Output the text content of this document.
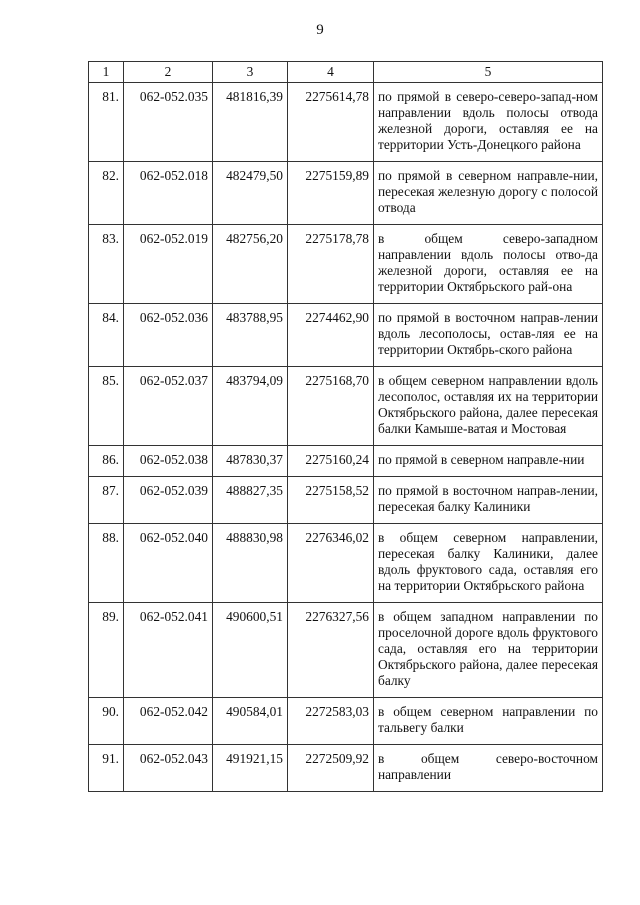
9
1	2	3	4	5
81.	062-052.035	481816,39	2275614,78	по прямой в северо-северо-запад-ном направлении вдоль полосы отвода железной дороги, оставляя ее на территории Усть-Донецкого района
82.	062-052.018	482479,50	2275159,89	по прямой в северном направле-нии, пересекая железную дорогу с полосой отвода
83.	062-052.019	482756,20	2275178,78	в общем северо-западном направлении вдоль полосы отво-да железной дороги, оставляя ее на территории Октябрьского рай-она
84.	062-052.036	483788,95	2274462,90	по прямой в восточном направ-лении вдоль лесополосы, остав-ляя ее на территории Октябрь-ского района
85.	062-052.037	483794,09	2275168,70	в общем северном направлении вдоль лесополос, оставляя их на территории Октябрьского района, далее пересекая балки Камыше-ватая и Мостовая
86.	062-052.038	487830,37	2275160,24	по прямой в северном направле-нии
87.	062-052.039	488827,35	2275158,52	по прямой в восточном направ-лении, пересекая балку Калиники
88.	062-052.040	488830,98	2276346,02	в общем северном направлении, пересекая балку Калиники, далее вдоль фруктового сада, оставляя его на территории Октябрьского района
89.	062-052.041	490600,51	2276327,56	в общем западном направлении по проселочной дороге вдоль фруктового сада, оставляя его на территории Октябрьского района, далее пересекая балку
90.	062-052.042	490584,01	2272583,03	в общем северном направлении по тальвегу балки
91.	062-052.043	491921,15	2272509,92	в общем северо-восточном направлении
